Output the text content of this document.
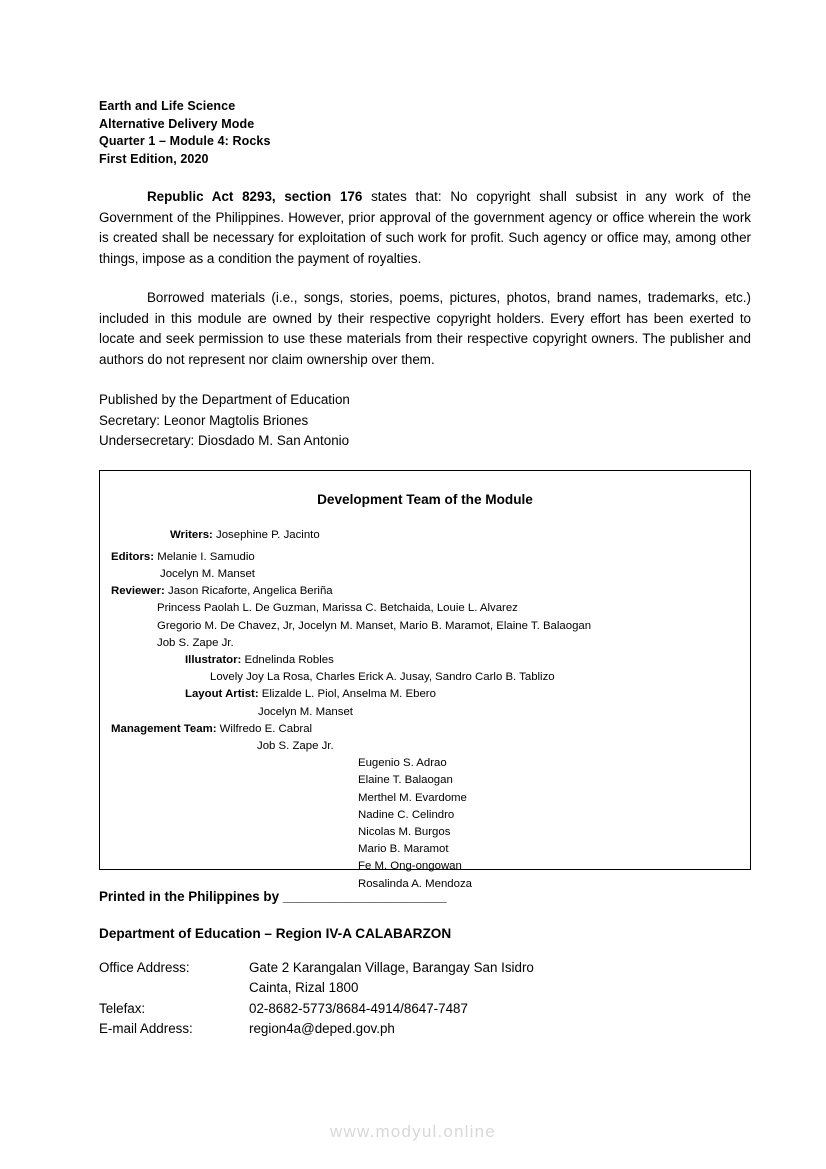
Earth and Life Science
Alternative Delivery Mode
Quarter 1 – Module 4: Rocks
First Edition, 2020

Republic Act 8293, section 176 states that: No copyright shall subsist in any work of the Government of the Philippines. However, prior approval of the government agency or office wherein the work is created shall be necessary for exploitation of such work for profit. Such agency or office may, among other things, impose as a condition the payment of royalties.

Borrowed materials (i.e., songs, stories, poems, pictures, photos, brand names, trademarks, etc.) included in this module are owned by their respective copyright holders. Every effort has been exerted to locate and seek permission to use these materials from their respective copyright owners. The publisher and authors do not represent nor claim ownership over them.

Published by the Department of Education
Secretary: Leonor Magtolis Briones
Undersecretary: Diosdado M. San Antonio
Development Team of the Module
Writers: Josephine P. Jacinto
Editors: Melanie I. Samudio
Jocelyn M. Manset
Reviewer: Jason Ricaforte, Angelica Beriña
Princess Paolah L. De Guzman, Marissa C. Betchaida, Louie L. Alvarez
Gregorio M. De Chavez, Jr, Jocelyn M. Manset, Mario B. Maramot, Elaine T. Balaogan
Job S. Zape Jr.
Illustrator: Ednelinda Robles
Lovely Joy La Rosa, Charles Erick A. Jusay, Sandro Carlo B. Tablizo
Layout Artist: Elizalde L. Piol, Anselma M. Ebero
Jocelyn M. Manset
Management Team: Wilfredo E. Cabral
Job S. Zape Jr.
Eugenio S. Adrao
Elaine T. Balaogan
Merthel M. Evardome
Nadine C. Celindro
Nicolas M. Burgos
Mario B. Maramot
Fe M. Ong-ongowan
Rosalinda A. Mendoza
Printed in the Philippines by ______________________
Department of Education – Region IV-A CALABARZON
Office Address:	Gate 2 Karangalan Village, Barangay San Isidro
	Cainta, Rizal 1800
Telefax:	02-8682-5773/8684-4914/8647-7487
E-mail Address:	region4a@deped.gov.ph
www.modyul.online
